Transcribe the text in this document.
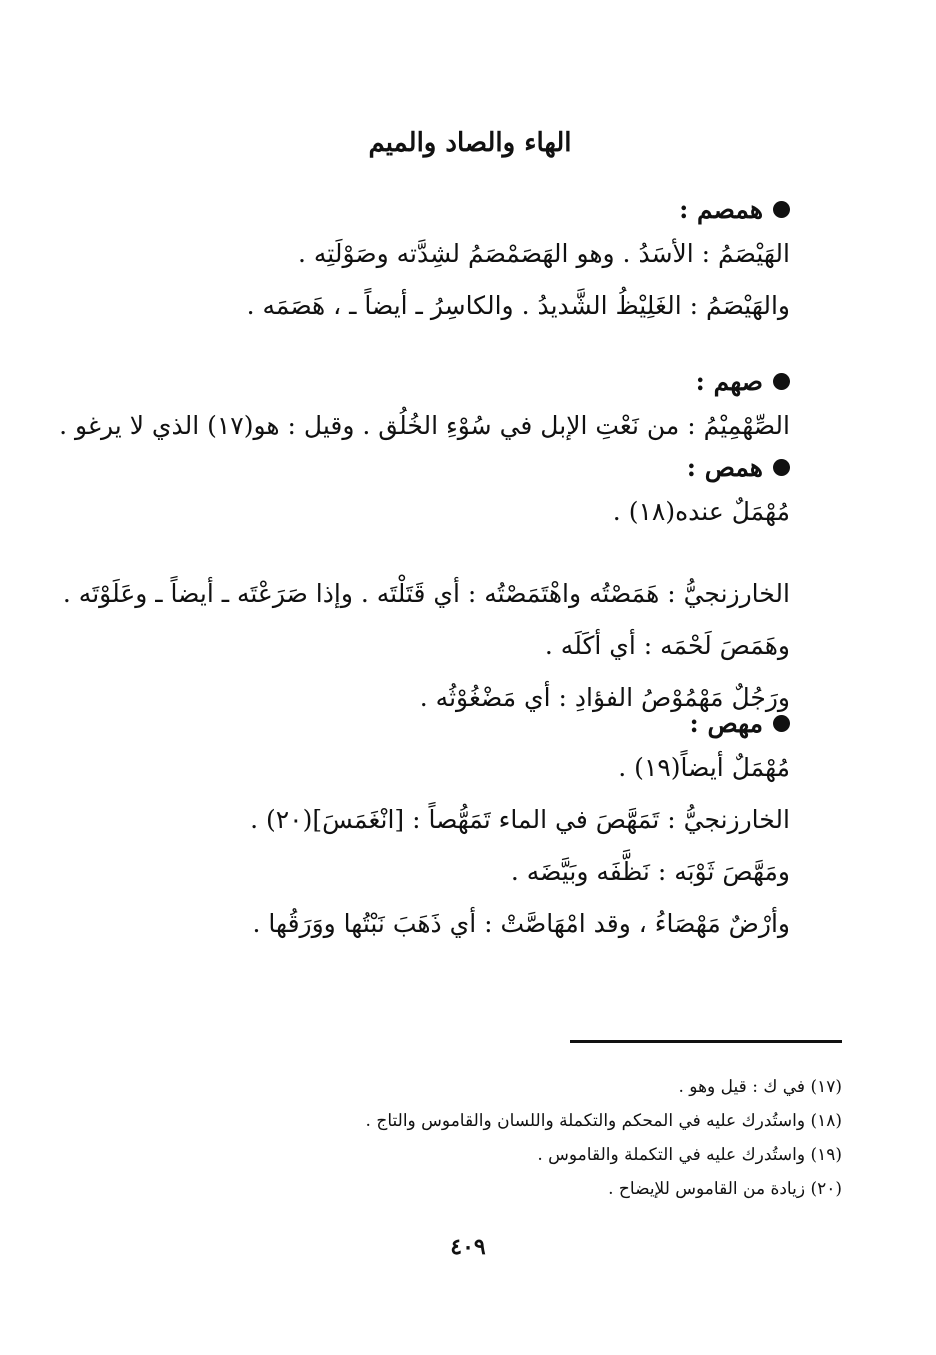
الهاء والصاد والميم
همصم :
الهَيْصَمُ : الأسَدُ . وهو الهَصَمْصَمُ لشِدَّته وصَوْلَتِه .
والهَيْصَمُ : الغَلِيْظُ الشَّديدُ . والكاسِرُ ـ أيضاً ـ ، هَصَمَه .
صهم :
الصِّهْمِيْمُ : من نَعْتِ الإبل في سُوْءِ الخُلُق . وقيل : هو(١٧) الذي لا يرغو .
همص :
مُهْمَلٌ عنده(١٨) .
الخارزنجيُّ : هَمَصْتُه واهْتَمَصْتُه : أي قَتَلْتَه . وإذا صَرَعْتَه ـ أيضاً ـ وعَلَوْتَه .
وهَمَصَ لَحْمَه : أي أكَلَه .
ورَجُلٌ مَهْمُوْصُ الفؤادِ : أي مَضْغُوْثُه .
مهص :
مُهْمَلٌ أيضاً(١٩) .
الخارزنجيُّ : تَمَهَّصَ في الماء تَمَهُّصاً : [انْغَمَسَ](٢٠) .
ومَهَّصَ ثَوْبَه : نَظَّفَه وبَيَّضَه .
وأرْضٌ مَهْصَاءُ ، وقد امْهَاصَّتْ : أي ذَهَبَ نَبْتُها ووَرَقُها .
(١٧) في ك : قيل وهو .
(١٨) واستُدرك عليه في المحكم والتكملة واللسان والقاموس والتاج .
(١٩) واستُدرك عليه في التكملة والقاموس .
(٢٠) زيادة من القاموس للإيضاح .
٤٠٩
